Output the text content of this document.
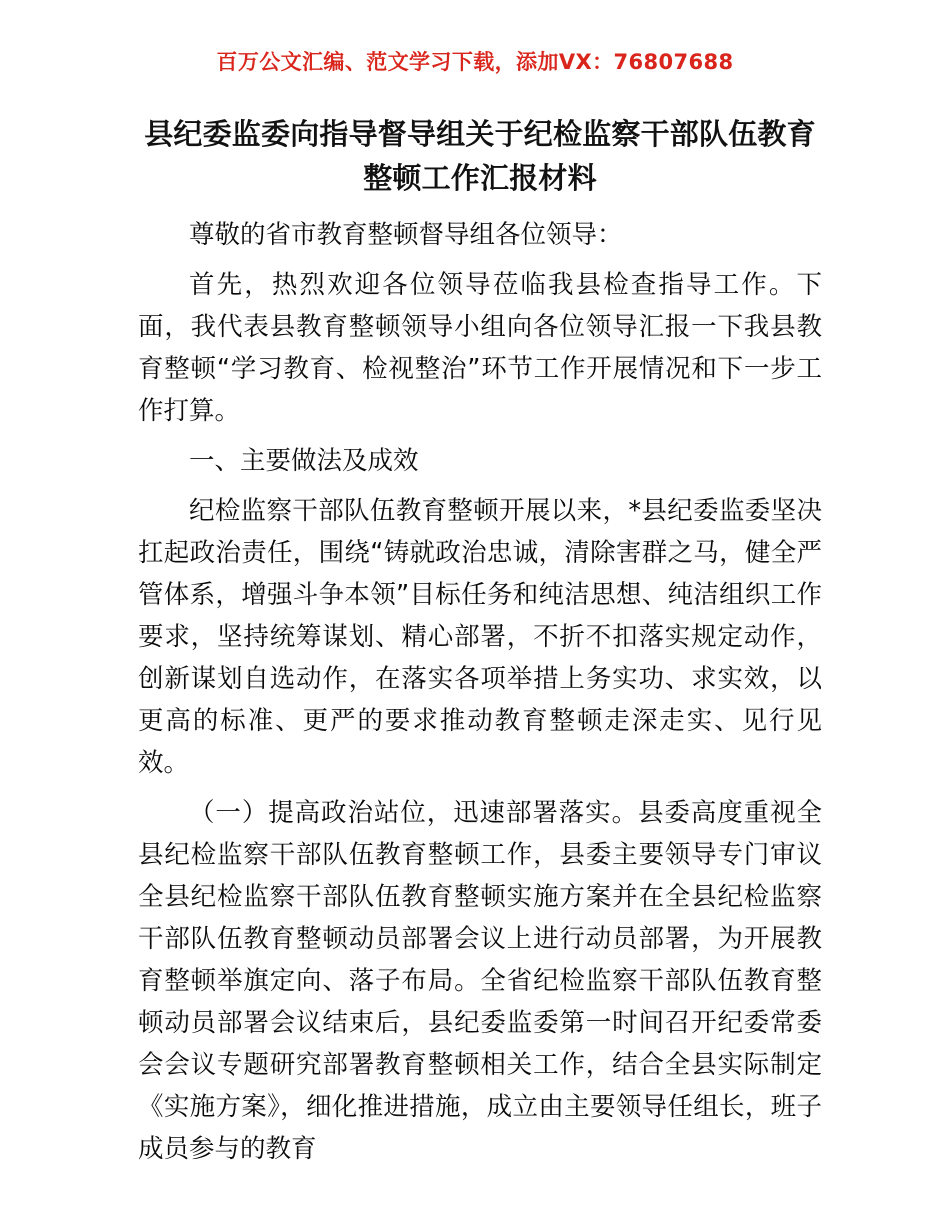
百万公文汇编、范文学习下载，添加VX：76807688
县纪委监委向指导督导组关于纪检监察干部队伍教育整顿工作汇报材料

尊敬的省市教育整顿督导组各位领导：

首先，热烈欢迎各位领导莅临我县检查指导工作。下面，我代表县教育整顿领导小组向各位领导汇报一下我县教育整顿“学习教育、检视整治”环节工作开展情况和下一步工作打算。

一、主要做法及成效

纪检监察干部队伍教育整顿开展以来，*县纪委监委坚决扛起政治责任，围绕“铸就政治忠诚，清除害群之马，健全严管体系，增强斗争本领”目标任务和纯洁思想、纯洁组织工作要求，坚持统筹谋划、精心部署，不折不扣落实规定动作，创新谋划自选动作，在落实各项举措上务实功、求实效，以更高的标准、更严的要求推动教育整顿走深走实、见行见效。

（一）提高政治站位，迅速部署落实。县委高度重视全县纪检监察干部队伍教育整顿工作，县委主要领导专门审议全县纪检监察干部队伍教育整顿实施方案并在全县纪检监察干部队伍教育整顿动员部署会议上进行动员部署，为开展教育整顿举旗定向、落子布局。全省纪检监察干部队伍教育整顿动员部署会议结束后，县纪委监委第一时间召开纪委常委会会议专题研究部署教育整顿相关工作，结合全县实际制定《实施方案》，细化推进措施，成立由主要领导任组长，班子成员参与的教育
